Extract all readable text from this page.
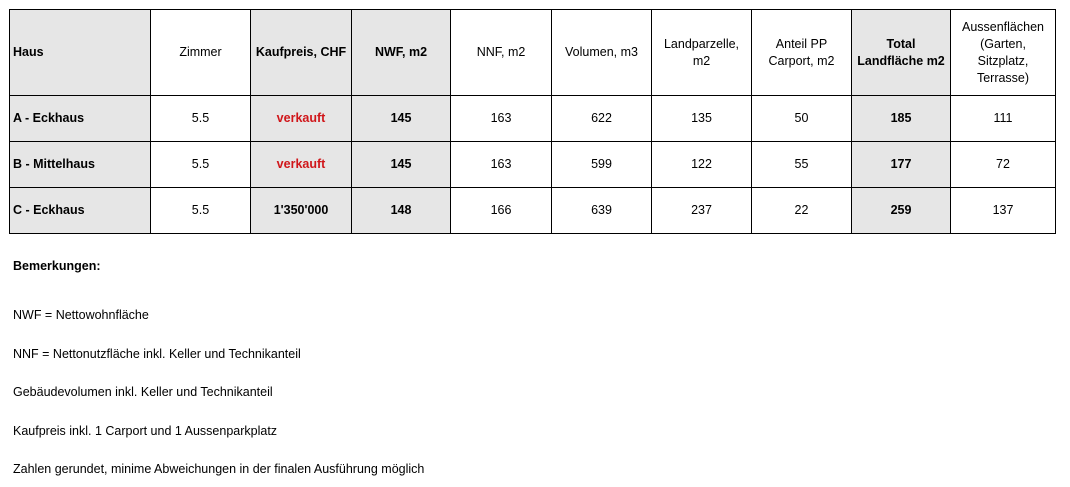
Haus	Zimmer	Kaufpreis, CHF	NWF, m2	NNF, m2	Volumen, m3	Landparzelle, m2	Anteil PP Carport, m2	Total Landfläche m2	Aussenflächen (Garten, Sitzplatz, Terrasse)
A - Eckhaus	5.5	verkauft	145	163	622	135	50	185	111
B - Mittelhaus	5.5	verkauft	145	163	599	122	55	177	72
C - Eckhaus	5.5	1'350'000	148	166	639	237	22	259	137

Bemerkungen:

NWF = Nettowohnfläche

NNF = Nettonutzfläche inkl. Keller und Technikanteil

Gebäudevolumen inkl. Keller und Technikanteil

Kaufpreis inkl. 1 Carport und 1 Aussenparkplatz

Zahlen gerundet, minime Abweichungen in der finalen Ausführung möglich
